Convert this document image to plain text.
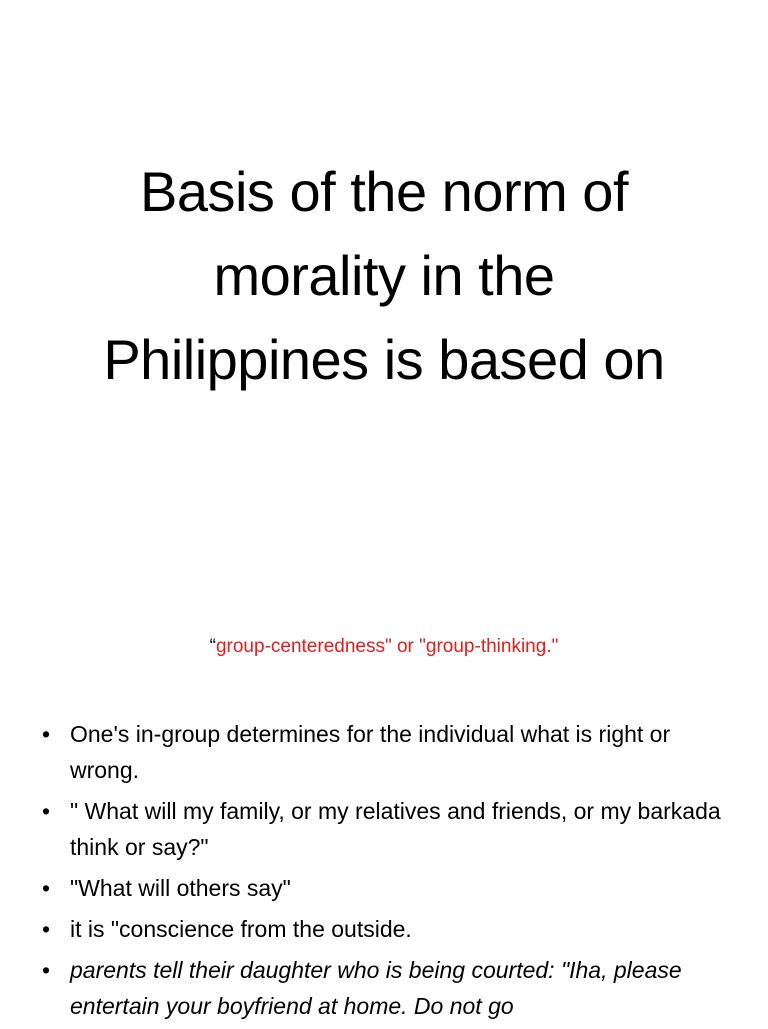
Basis of the norm of
morality in the
Philippines is based on
“group-centeredness" or "group-thinking."
• One's in-group determines for the individual what is right or wrong.
• " What will my family, or my relatives and friends, or my barkada think or say?"
• "What will others say"
• it is "conscience from the outside.
• parents tell their daughter who is being courted: "Iha, please entertain your boyfriend at home. Do not go
